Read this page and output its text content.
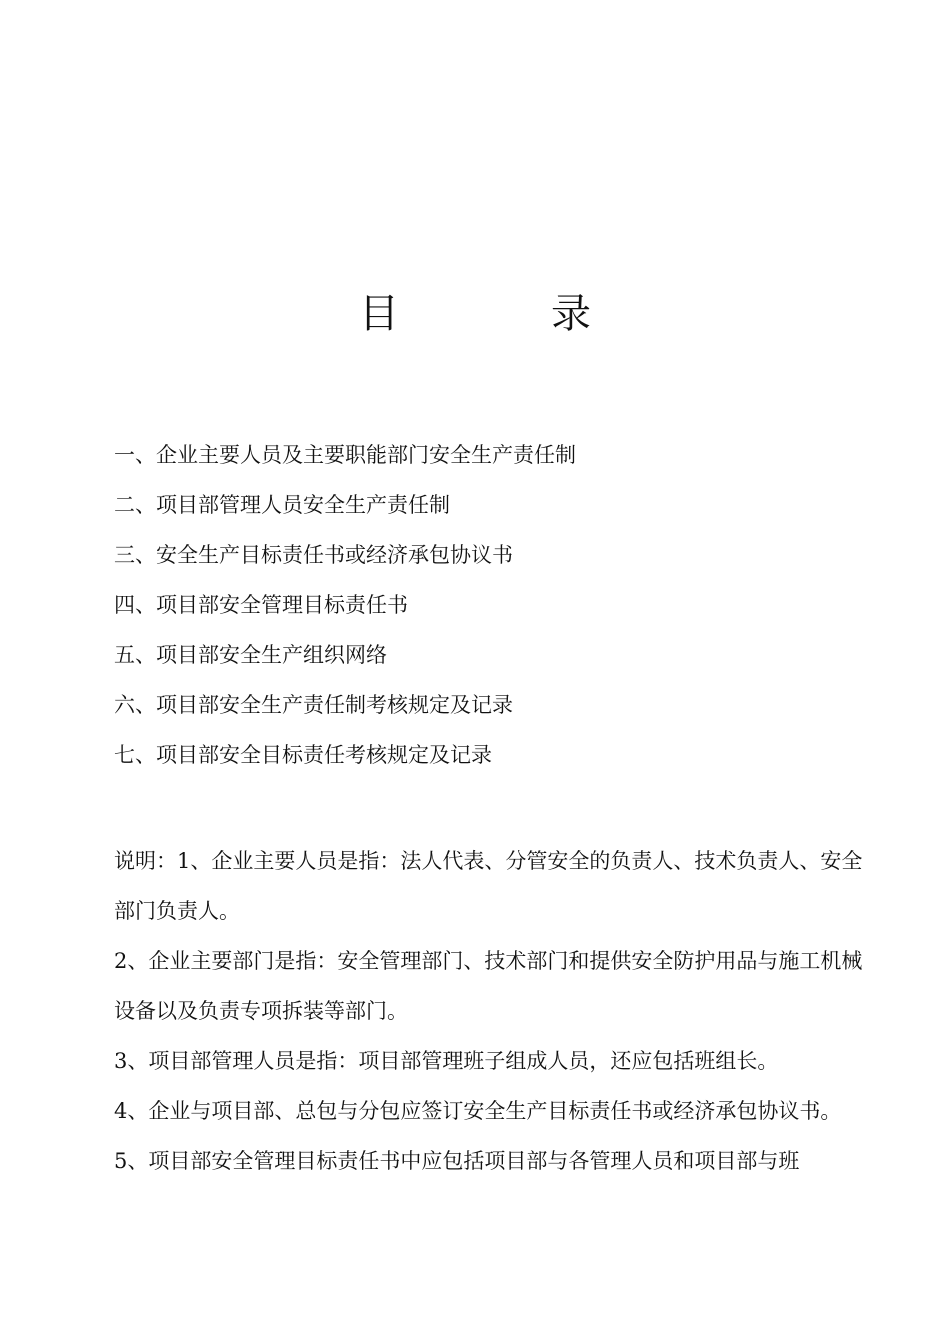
目　录
一、企业主要人员及主要职能部门安全生产责任制
二、项目部管理人员安全生产责任制
三、安全生产目标责任书或经济承包协议书
四、项目部安全管理目标责任书
五、项目部安全生产组织网络
六、项目部安全生产责任制考核规定及记录
七、项目部安全目标责任考核规定及记录

说明：1、企业主要人员是指：法人代表、分管安全的负责人、技术负责人、安全部门负责人。

2、企业主要部门是指：安全管理部门、技术部门和提供安全防护用品与施工机械设备以及负责专项拆装等部门。

3、项目部管理人员是指：项目部管理班子组成人员，还应包括班组长。

4、企业与项目部、总包与分包应签订安全生产目标责任书或经济承包协议书。

5、项目部安全管理目标责任书中应包括项目部与各管理人员和项目部与班
